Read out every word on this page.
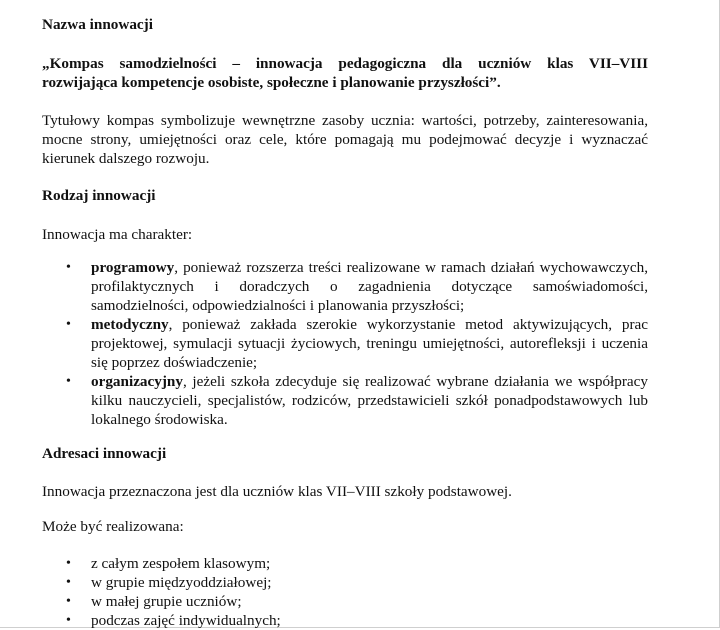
Nazwa innowacji
„Kompas samodzielności – innowacja pedagogiczna dla uczniów klas VII–VIII
rozwijająca kompetencje osobiste, społeczne i planowanie przyszłości”.
Tytułowy kompas symbolizuje wewnętrzne zasoby ucznia: wartości, potrzeby, zainteresowania, mocne strony, umiejętności oraz cele, które pomagają mu podejmować decyzje i wyznaczać kierunek dalszego rozwoju.
Rodzaj innowacji
Innowacja ma charakter:
• programowy, ponieważ rozszerza treści realizowane w ramach działań wychowawczych, profilaktycznych i doradczych o zagadnienia dotyczące samoświadomości, samodzielności, odpowiedzialności i planowania przyszłości;
• metodyczny, ponieważ zakłada szerokie wykorzystanie metod aktywizujących, prac projektowej, symulacji sytuacji życiowych, treningu umiejętności, autorefleksji i uczenia się poprzez doświadczenie;
• organizacyjny, jeżeli szkoła zdecyduje się realizować wybrane działania we współpracy kilku nauczycieli, specjalistów, rodziców, przedstawicieli szkół ponadpodstawowych lub lokalnego środowiska.
Adresaci innowacji
Innowacja przeznaczona jest dla uczniów klas VII–VIII szkoły podstawowej.
Może być realizowana:
• z całym zespołem klasowym;
• w grupie międzyoddziałowej;
• w małej grupie uczniów;
• podczas zajęć indywidualnych;
